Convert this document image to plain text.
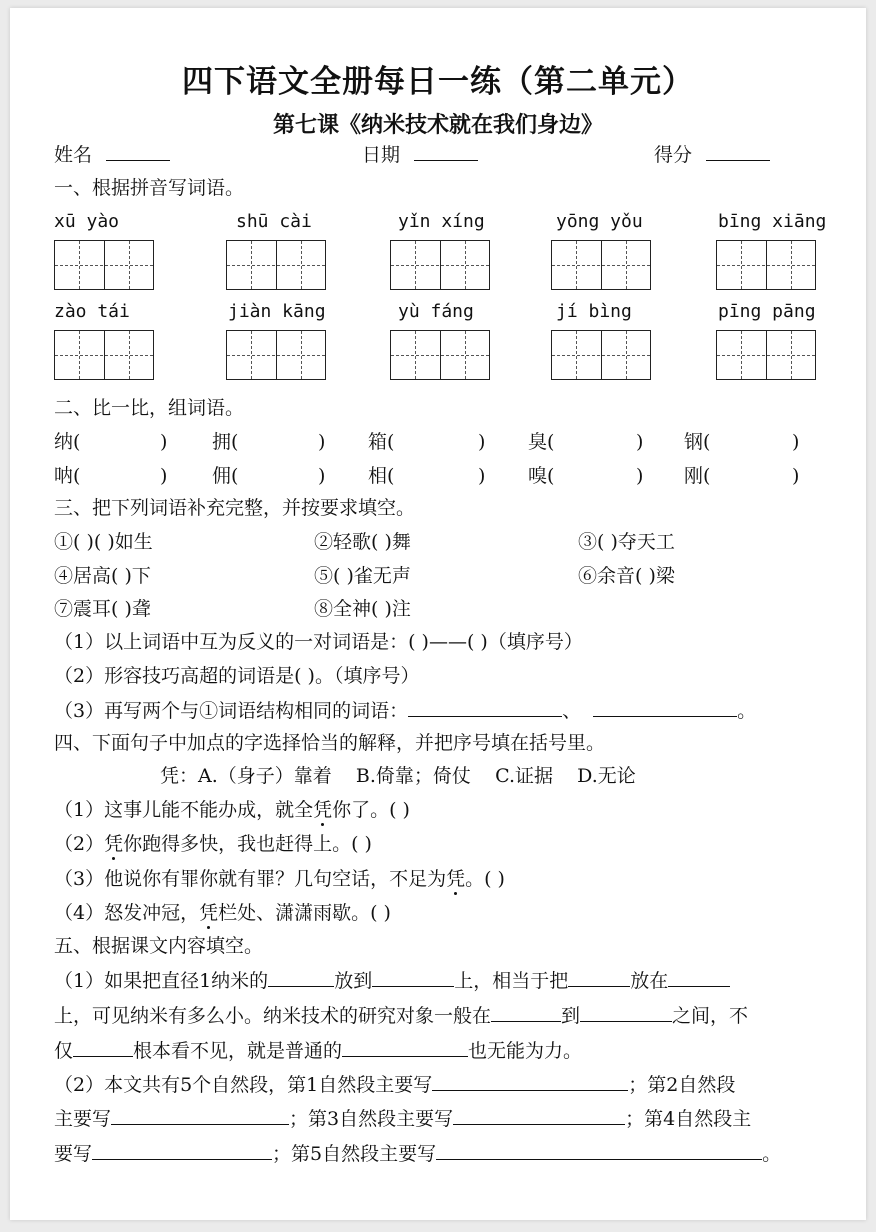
四下语文全册每日一练（第二单元）
第七课《纳米技术就在我们身边》
姓名	日期	得分
一、根据拼音写词语。
xū yào	shū cài	yǐn xíng	yōng yǒu	bīng xiāng
zào tái	jiàn kāng	yù fáng	jí bìng	pīng pāng
二、比一比，组词语。
纳(	) 拥(	) 箱(	) 臭(	) 钢(	)
呐(	) 佣(	) 相(	) 嗅(	) 刚(	)
三、把下列词语补充完整，并按要求填空。
①( )( )如生	②轻歌( )舞	③( )夺天工
④居高( )下	⑤( )雀无声	⑥余音( )梁
⑦震耳( )聋	⑧全神( )注
（1）以上词语中互为反义的一对词语是：( )——( )（填序号）
（2）形容技巧高超的词语是( )。（填序号）
（3）再写两个与①词语结构相同的词语：	、	。
四、下面句子中加点的字选择恰当的解释，并把序号填在括号里。
凭：A.（身子）靠着    B.倚靠；倚仗    C.证据    D.无论
（1）这事儿能不能办成，就全凭你了。( )
（2）凭你跑得多快，我也赶得上。( )
（3）他说你有罪你就有罪？几句空话，不足为凭。( )
（4）怒发冲冠，凭栏处、潇潇雨歇。( )
五、根据课文内容填空。
（1）如果把直径1纳米的	放到	上，相当于把	放在
上，可见纳米有多么小。纳米技术的研究对象一般在	到	之间，不
仅	根本看不见，就是普通的	也无能为力。
（2）本文共有5个自然段，第1自然段主要写	；第2自然段
主要写	；第3自然段主要写	；第4自然段主
要写	；第5自然段主要写	。
